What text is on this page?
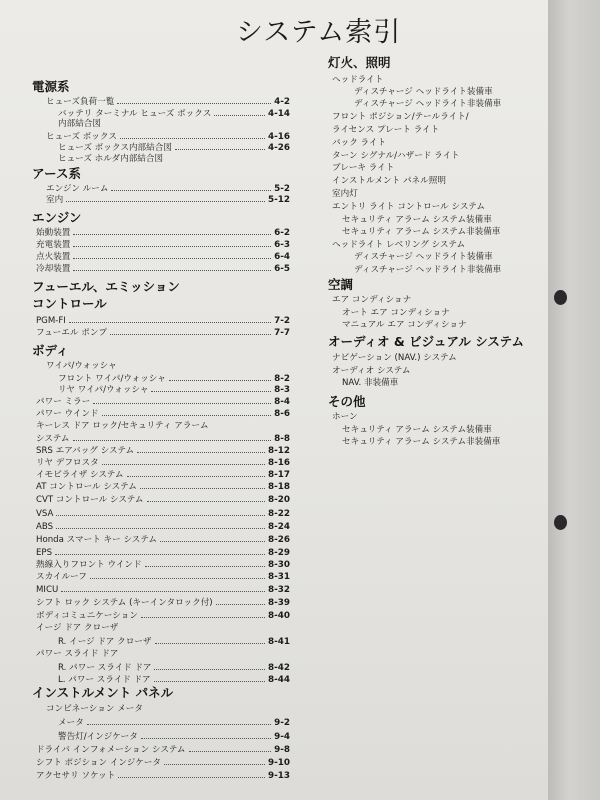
システム索引
電源系
ヒューズ負荷一覧	4-2
バッテリ ターミナル ヒューズ ボックス	4-14
内部結合図
ヒューズ ボックス	4-16
ヒューズ ボックス内部結合図	4-26
ヒューズ ホルダ内部結合図
アース系
エンジン ルーム	5-2
室内	5-12
エンジン
始動装置	6-2
充電装置	6-3
点火装置	6-4
冷却装置	6-5
フューエル、エミッション
コントロール
PGM-FI	7-2
フューエル ポンプ	7-7
ボディ
ワイパ/ウォッシャ
フロント ワイパ/ウォッシャ	8-2
リヤ ワイパ/ウォッシャ	8-3
パワー ミラー	8-4
パワー ウインド	8-6
キーレス ドア ロック/セキュリティ アラーム
システム	8-8
SRS エアバッグ システム	8-12
リヤ デフロスタ	8-16
イモビライザ システム	8-17
AT コントロール システム	8-18
CVT コントロール システム	8-20
VSA	8-22
ABS	8-24
Honda スマート キー システム	8-26
EPS	8-29
熱線入りフロント ウインド	8-30
スカイルーフ	8-31
MICU	8-32
シフト ロック システム (キーインタロック付)	8-39
ボディコミュニケーション	8-40
イージ ドア クローザ
R. イージ ドア クローザ	8-41
パワー スライド ドア
R. パワー スライド ドア	8-42
L. パワー スライド ドア	8-44
インストルメント パネル
コンビネーション メータ
メータ	9-2
警告灯/インジケータ	9-4
ドライバ インフォメーション システム	9-8
シフト ポジション インジケータ	9-10
アクセサリ ソケット	9-13
灯火、照明
ヘッドライト
ディスチャージ ヘッドライト装備車
ディスチャージ ヘッドライト非装備車
フロント ポジション/テールライト/
ライセンス プレート ライト
バック ライト
ターン シグナル/ハザード ライト
ブレーキ ライト
インストルメント パネル照明
室内灯
エントリ ライト コントロール システム
セキュリティ アラーム システム装備車
セキュリティ アラーム システム非装備車
ヘッドライト レベリング システム
ディスチャージ ヘッドライト装備車
ディスチャージ ヘッドライト非装備車
空調
エア コンディショナ
オート エア コンディショナ
マニュアル エア コンディショナ
オーディオ & ビジュアル システム
ナビゲーション (NAV.) システム
オーディオ システム
NAV. 非装備車
その他
ホーン
セキュリティ アラーム システム装備車
セキュリティ アラーム システム非装備車
